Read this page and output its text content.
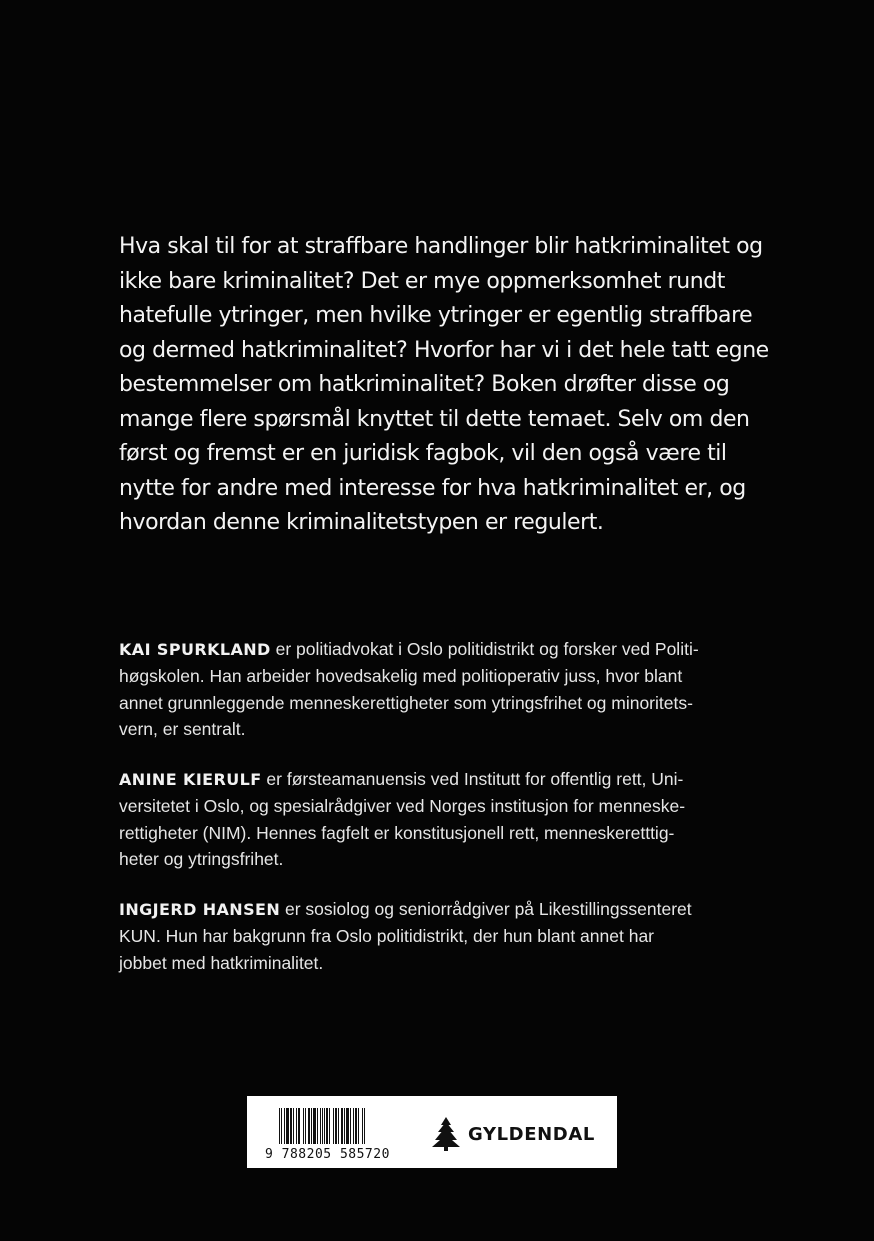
Hva skal til for at straffbare handlinger blir hatkriminalitet og
ikke bare kriminalitet? Det er mye oppmerksomhet rundt
hatefulle ytringer, men hvilke ytringer er egentlig straffbare
og dermed hatkriminalitet? Hvorfor har vi i det hele tatt egne
bestemmelser om hatkriminalitet? Boken drøfter disse og
mange flere spørsmål knyttet til dette temaet. Selv om den
først og fremst er en juridisk fagbok, vil den også være til
nytte for andre med interesse for hva hatkriminalitet er, og
hvordan denne kriminalitetstypen er regulert.
KAI SPURKLAND er politiadvokat i Oslo politidistrikt og forsker ved Politi-
høgskolen. Han arbeider hovedsakelig med politioperativ juss, hvor blant
annet grunnleggende menneskerettigheter som ytringsfrihet og minoritets-
vern, er sentralt.
ANINE KIERULF er førsteamanuensis ved Institutt for offentlig rett, Uni-
versitetet i Oslo, og spesialrådgiver ved Norges institusjon for menneske-
rettigheter (NIM). Hennes fagfelt er konstitusjonell rett, menneskeretttig-
heter og ytringsfrihet.
INGJERD HANSEN er sosiolog og seniorrådgiver på Likestillingssenteret
KUN. Hun har bakgrunn fra Oslo politidistrikt, der hun blant annet har
jobbet med hatkriminalitet.
9 788205 585720
GYLDENDAL
